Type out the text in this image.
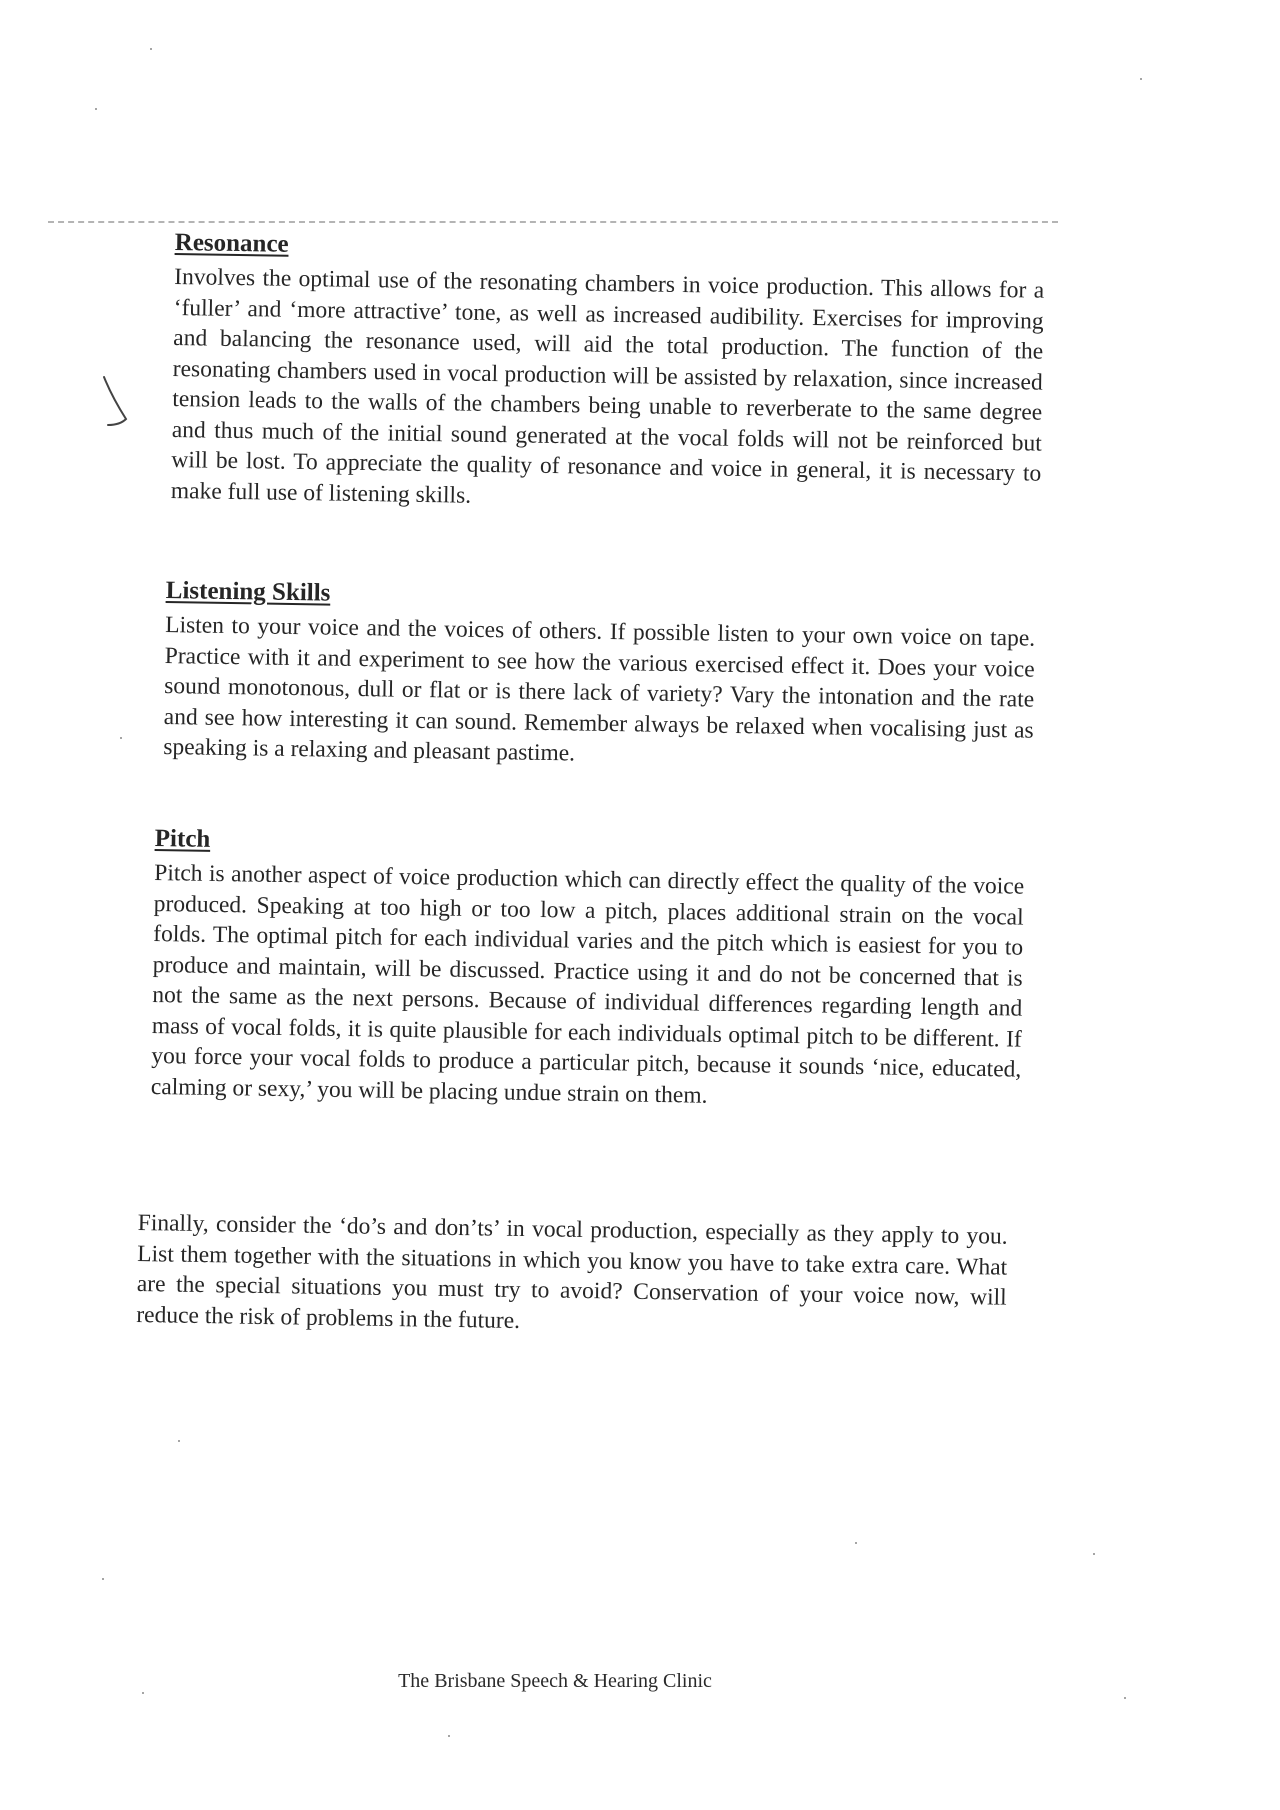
Resonance

Involves the optimal use of the resonating chambers in voice production. This allows for a ‘fuller’ and ‘more attractive’ tone, as well as increased audibility. Exercises for improving and balancing the resonance used, will aid the total production. The function of the resonating chambers used in vocal production will be assisted by relaxation, since increased tension leads to the walls of the chambers being unable to reverberate to the same degree and thus much of the initial sound generated at the vocal folds will not be reinforced but will be lost. To appreciate the quality of resonance and voice in general, it is necessary to make full use of listening skills.

Listening Skills

Listen to your voice and the voices of others. If possible listen to your own voice on tape. Practice with it and experiment to see how the various exercised effect it. Does your voice sound monotonous, dull or flat or is there lack of variety? Vary the intonation and the rate and see how interesting it can sound. Remember always be relaxed when vocalising just as speaking is a relaxing and pleasant pastime.

Pitch

Pitch is another aspect of voice production which can directly effect the quality of the voice produced. Speaking at too high or too low a pitch, places additional strain on the vocal folds. The optimal pitch for each individual varies and the pitch which is easiest for you to produce and maintain, will be discussed. Practice using it and do not be concerned that is not the same as the next persons. Because of individual differences regarding length and mass of vocal folds, it is quite plausible for each individuals optimal pitch to be different. If you force your vocal folds to produce a particular pitch, because it sounds ‘nice, educated, calming or sexy,’ you will be placing undue strain on them.

Finally, consider the ‘do’s and don’ts’ in vocal production, especially as they apply to you. List them together with the situations in which you know you have to take extra care. What are the special situations you must try to avoid? Conservation of your voice now, will reduce the risk of problems in the future.

The Brisbane Speech & Hearing Clinic
